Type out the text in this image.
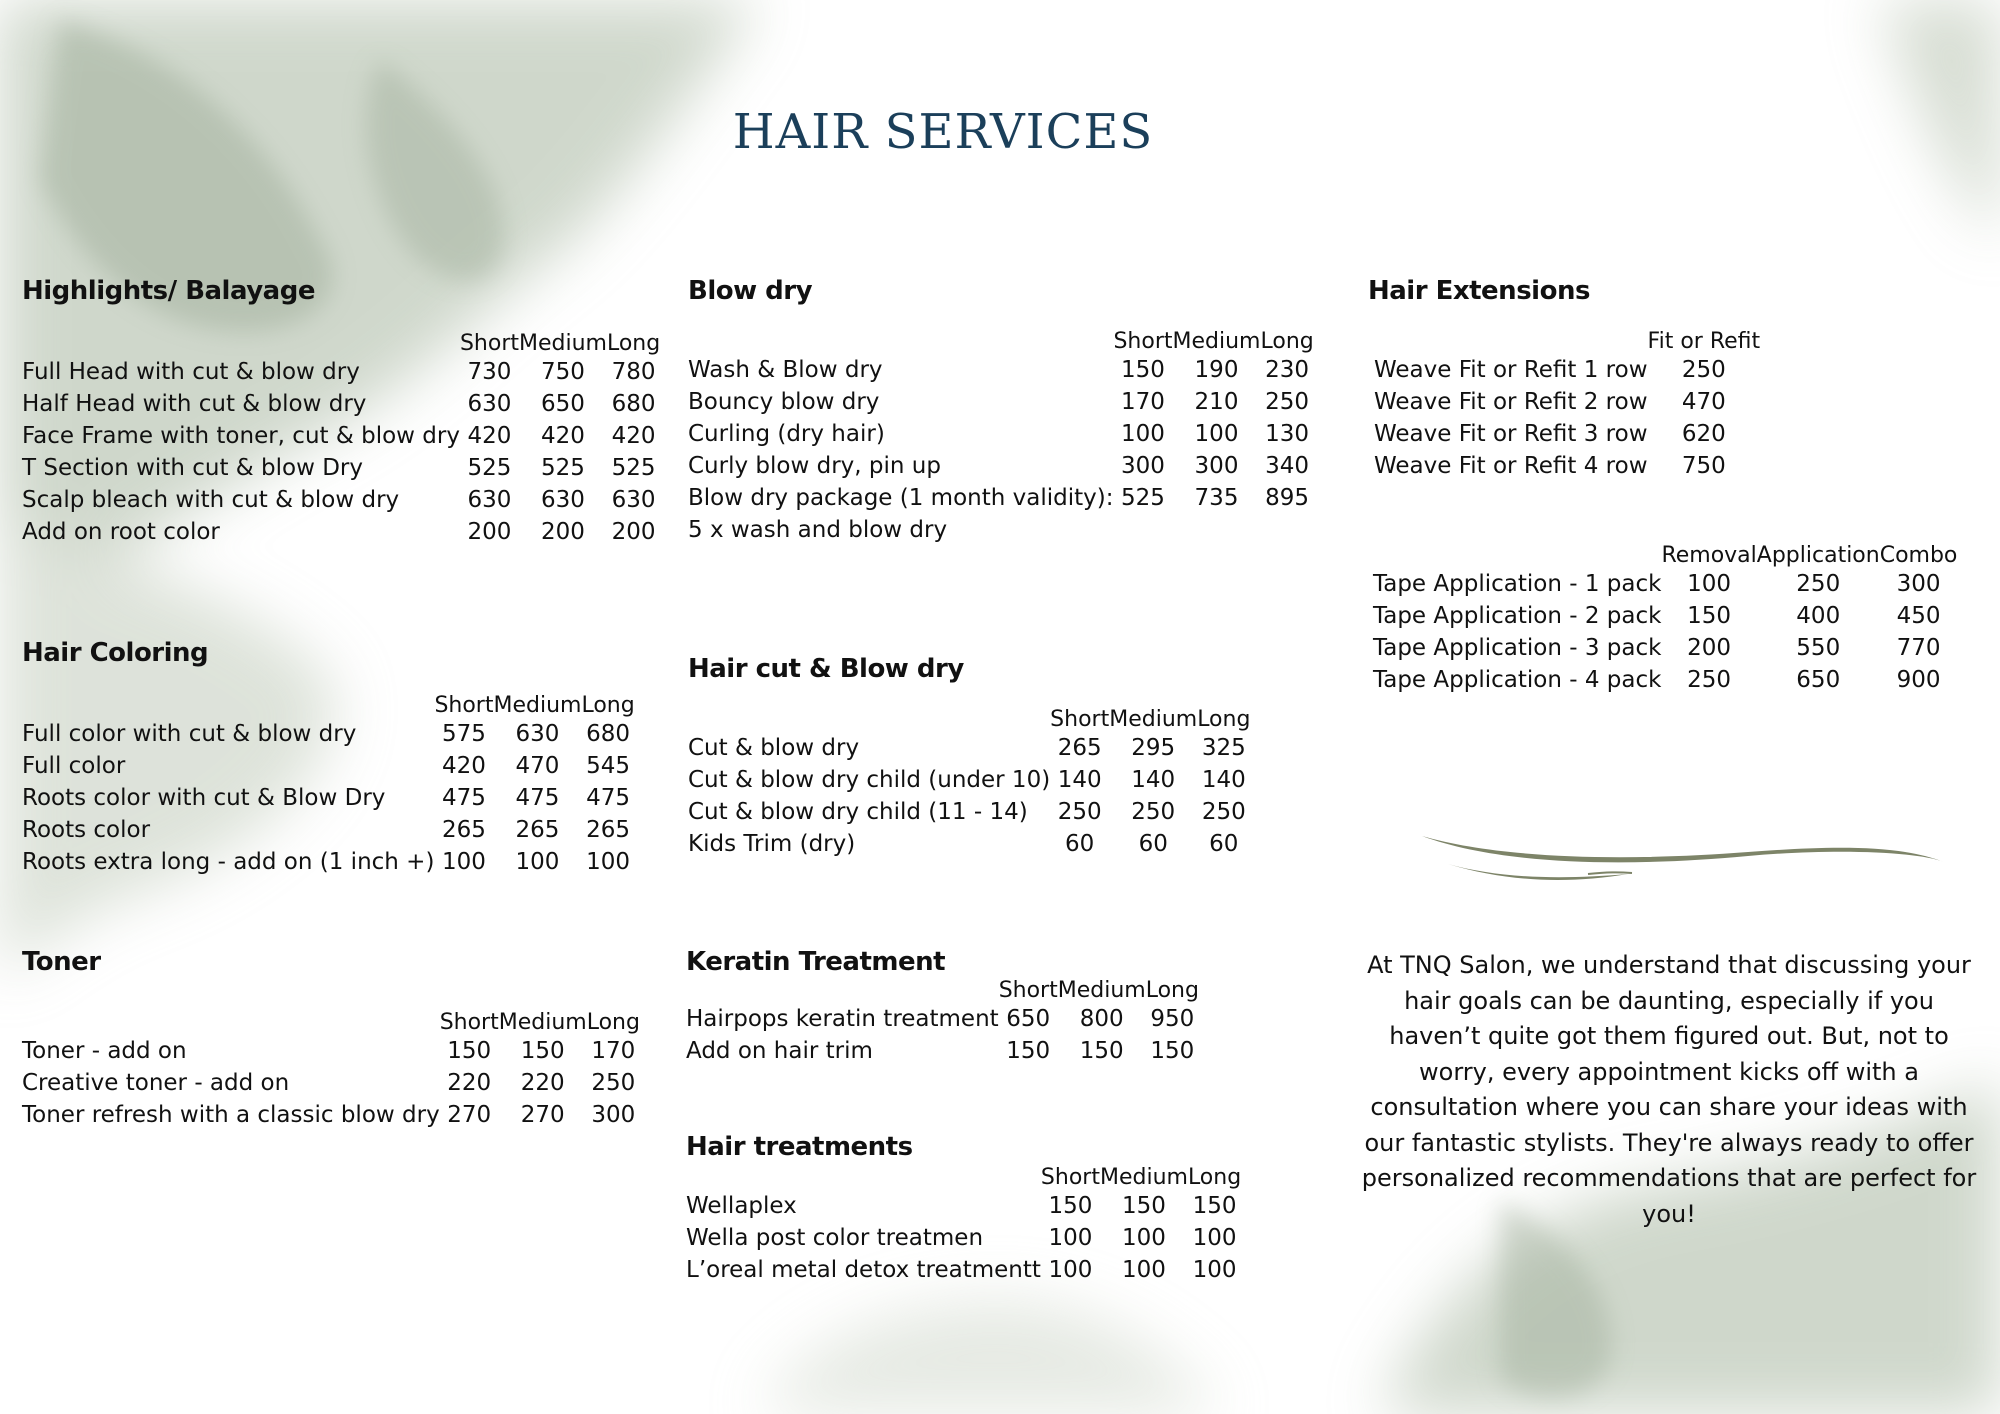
HAIR SERVICES
Highlights/ Balayage
	Short	Medium	Long
Full Head with cut & blow dry	730	750	780
Half Head with cut & blow dry	630	650	680
Face Frame with toner, cut & blow dry	420	420	420
T Section with cut & blow Dry	525	525	525
Scalp bleach with cut & blow dry	630	630	630
Add on root color	200	200	200
Hair Coloring
	Short	Medium	Long
Full color with cut & blow dry	575	630	680
Full color	420	470	545
Roots color with cut & Blow Dry	475	475	475
Roots color	265	265	265
Roots extra long - add on (1 inch +)	100	100	100
Toner
	Short	Medium	Long
Toner - add on	150	150	170
Creative toner - add on	220	220	250
Toner refresh with a classic blow dry	270	270	300
Blow dry
	Short	Medium	Long
Wash & Blow dry	150	190	230
Bouncy blow dry	170	210	250
Curling (dry hair)	100	100	130
Curly blow dry, pin up	300	300	340
Blow dry package (1 month validity):	525	735	895
5 x wash and blow dry			
Hair cut & Blow dry
	Short	Medium	Long
Cut & blow dry	265	295	325
Cut & blow dry child (under 10)	140	140	140
Cut & blow dry child (11 - 14)	250	250	250
Kids Trim (dry)	60	60	60
Keratin Treatment
	Short	Medium	Long
Hairpops keratin treatment	650	800	950
Add on hair trim	150	150	150
Hair treatments
	Short	Medium	Long
Wellaplex	150	150	150
Wella post color treatmen	100	100	100
L’oreal metal detox treatmentt	100	100	100
Hair Extensions
	Fit or Refit
Weave Fit or Refit 1 row	250
Weave Fit or Refit 2 row	470
Weave Fit or Refit 3 row	620
Weave Fit or Refit 4 row	750
	Removal	Application	Combo
Tape Application - 1 pack	100	250	300
Tape Application - 2 pack	150	400	450
Tape Application - 3 pack	200	550	770
Tape Application - 4 pack	250	650	900
At TNQ Salon, we understand that discussing your hair goals can be daunting, especially if you haven’t quite got them figured out. But, not to worry, every appointment kicks off with a consultation where you can share your ideas with our fantastic stylists. They're always ready to offer personalized recommendations that are perfect for you!
